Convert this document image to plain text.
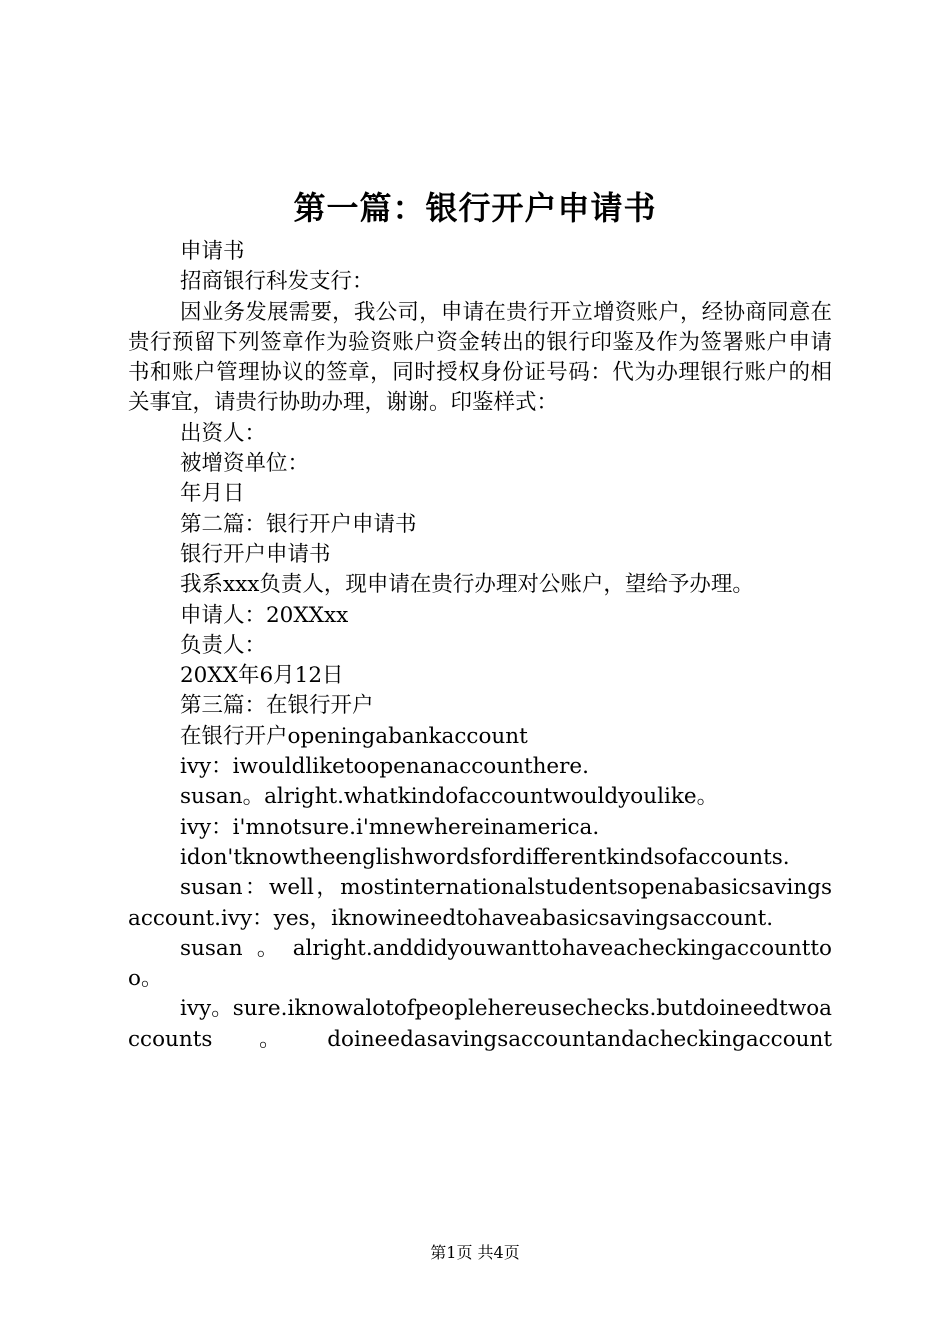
第一篇：银行开户申请书

申请书

招商银行科发支行：

因业务发展需要，我公司，申请在贵行开立增资账户，经协商同意在贵行预留下列签章作为验资账户资金转出的银行印鉴及作为签署账户申请书和账户管理协议的签章，同时授权身份证号码：代为办理银行账户的相关事宜，请贵行协助办理，谢谢。印鉴样式：

出资人：

被增资单位：

年月日

第二篇：银行开户申请书

银行开户申请书

我系xxx负责人，现申请在贵行办理对公账户，望给予办理。

申请人：20XXxx

负责人：

20XX年6月12日

第三篇：在银行开户

在银行开户openingabankaccount

ivy：iwouldliketoopenanaccounthere.

susan。alright.whatkindofaccountwouldyoulike。

ivy：i'mnotsure.i'mnewhereinamerica.

idon'tknowtheenglishwordsfordifferentkindsofaccounts.

susan：well，mostinternationalstudentsopenabasicsavingsaccount.ivy：yes，iknowineedtohaveabasicsavingsaccount.

susan。alright.anddidyouwanttohaveacheckingaccounttoo。

ivy。sure.iknowalotofpeoplehereusechecks.butdoineedtwoaccounts。doineedasavingsaccountandacheckingaccount

第1页 共4页
